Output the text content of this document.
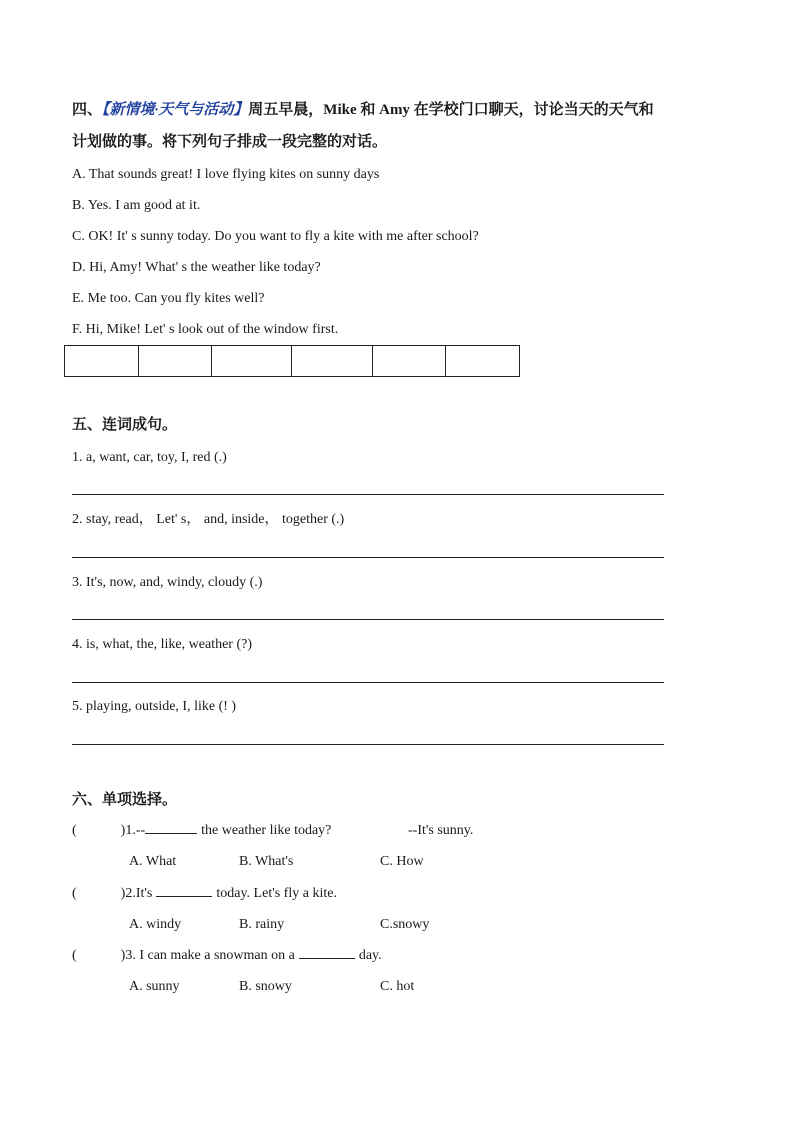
四、【新情境·天气与活动】周五早晨，Mike 和 Amy 在学校门口聊天，讨论当天的天气和
计划做的事。将下列句子排成一段完整的对话。
A. That sounds great! I love flying kites on sunny days
B. Yes. I am good at it.
C. OK! It' s sunny today. Do you want to fly a kite with me after school?
D. Hi, Amy! What' s the weather like today?
E. Me too. Can you fly kites well?
F. Hi, Mike! Let' s look out of the window first.

五、连词成句。
1. a, want, car, toy, I, red (.)
2. stay, read， Let' s， and, inside， together (.)
3. It's, now, and, windy, cloudy (.)
4. is, what, the, like, weather (?)
5. playing, outside, I, like (! )
六、单项选择。
(	)1.--	the weather like today?	--It's sunny.
A. What	B. What's	C. How
(	)2.It's	today. Let's fly a kite.
A. windy	B. rainy	C.snowy
(	)3. I can make a snowman on a	day.
A. sunny	B. snowy	C. hot
